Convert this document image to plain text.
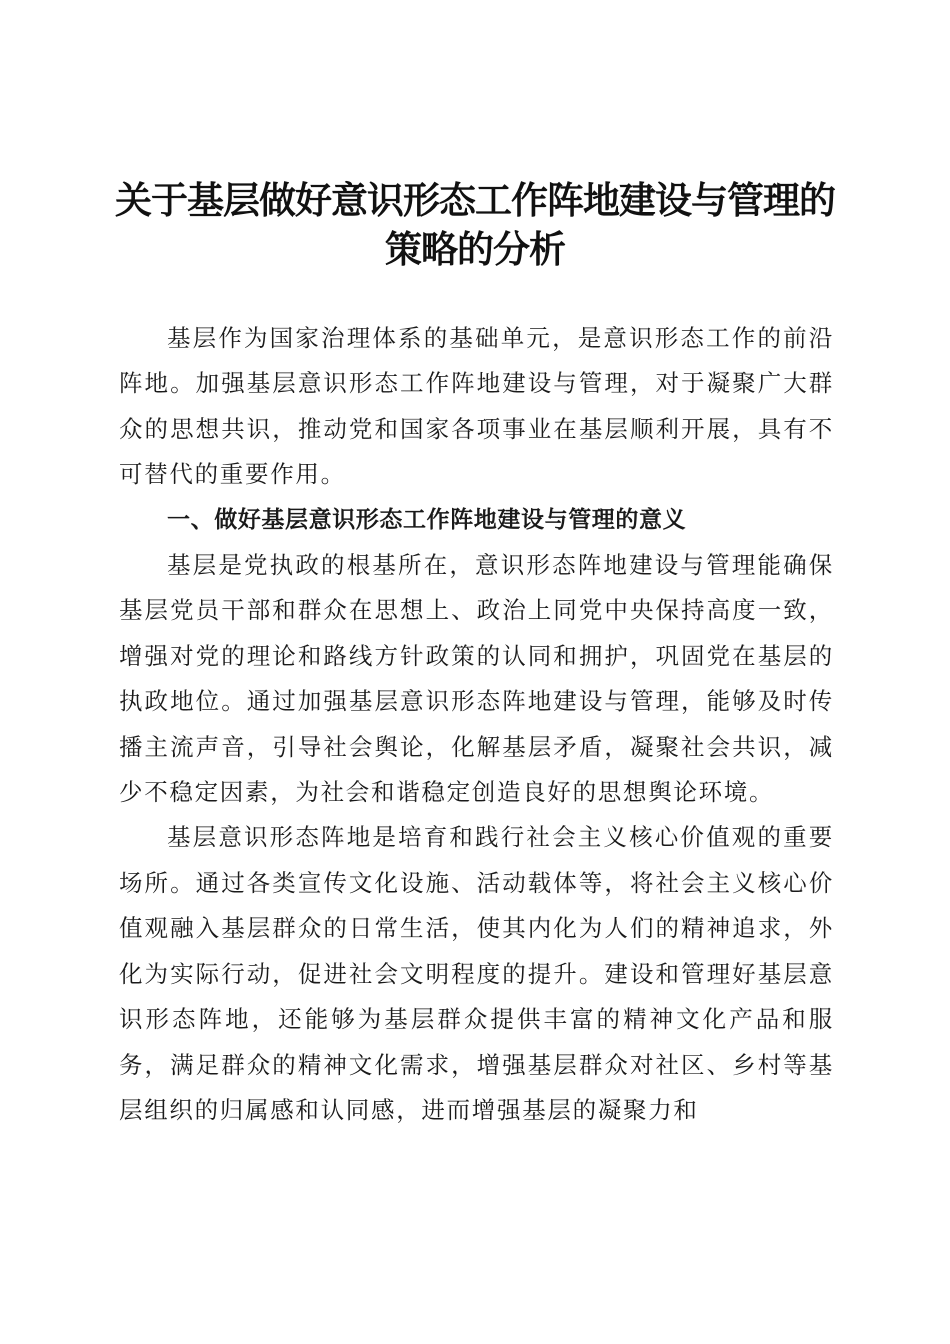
关于基层做好意识形态工作阵地建设与管理的策略的分析

基层作为国家治理体系的基础单元，是意识形态工作的前沿阵地。加强基层意识形态工作阵地建设与管理，对于凝聚广大群众的思想共识，推动党和国家各项事业在基层顺利开展，具有不可替代的重要作用。

一、做好基层意识形态工作阵地建设与管理的意义

基层是党执政的根基所在，意识形态阵地建设与管理能确保基层党员干部和群众在思想上、政治上同党中央保持高度一致，增强对党的理论和路线方针政策的认同和拥护，巩固党在基层的执政地位。通过加强基层意识形态阵地建设与管理，能够及时传播主流声音，引导社会舆论，化解基层矛盾，凝聚社会共识，减少不稳定因素，为社会和谐稳定创造良好的思想舆论环境。

基层意识形态阵地是培育和践行社会主义核心价值观的重要场所。通过各类宣传文化设施、活动载体等，将社会主义核心价值观融入基层群众的日常生活，使其内化为人们的精神追求，外化为实际行动，促进社会文明程度的提升。建设和管理好基层意识形态阵地，还能够为基层群众提供丰富的精神文化产品和服务，满足群众的精神文化需求，增强基层群众对社区、乡村等基层组织的归属感和认同感，进而增强基层的凝聚力和
